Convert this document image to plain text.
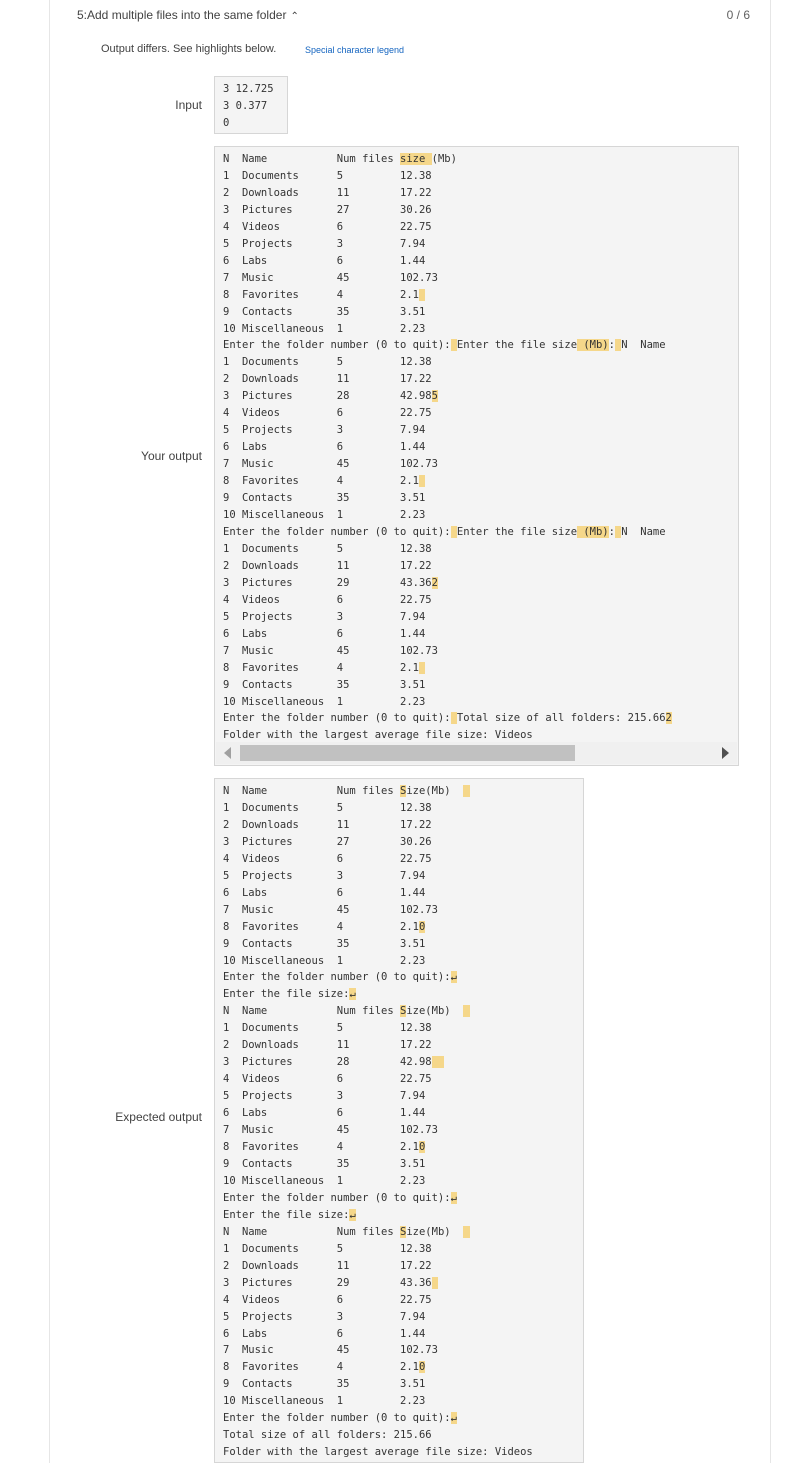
5:Add multiple files into the same folder ⌃	0 / 6
Output differs. See highlights below.	Special character legend
Input
3 12.725
3 0.377
0
Your output
N  Name           Num files size (Mb)
1  Documents      5         12.38
2  Downloads      11        17.22
3  Pictures       27        30.26
4  Videos         6         22.75
5  Projects       3         7.94
6  Labs           6         1.44
7  Music          45        102.73
8  Favorites      4         2.1
9  Contacts       35        3.51
10 Miscellaneous  1         2.23
Enter the folder number (0 to quit): Enter the file size (Mb): N  Name
1  Documents      5         12.38
2  Downloads      11        17.22
3  Pictures       28        42.985
4  Videos         6         22.75
5  Projects       3         7.94
6  Labs           6         1.44
7  Music          45        102.73
8  Favorites      4         2.1
9  Contacts       35        3.51
10 Miscellaneous  1         2.23
Enter the folder number (0 to quit): Enter the file size (Mb): N  Name
1  Documents      5         12.38
2  Downloads      11        17.22
3  Pictures       29        43.362
4  Videos         6         22.75
5  Projects       3         7.94
6  Labs           6         1.44
7  Music          45        102.73
8  Favorites      4         2.1
9  Contacts       35        3.51
10 Miscellaneous  1         2.23
Enter the folder number (0 to quit): Total size of all folders: 215.662
Folder with the largest average file size: Videos
Expected output
N  Name           Num files Size(Mb)
1  Documents      5         12.38
2  Downloads      11        17.22
3  Pictures       27        30.26
4  Videos         6         22.75
5  Projects       3         7.94
6  Labs           6         1.44
7  Music          45        102.73
8  Favorites      4         2.10
9  Contacts       35        3.51
10 Miscellaneous  1         2.23
Enter the folder number (0 to quit):↵
Enter the file size:↵
N  Name           Num files Size(Mb)
1  Documents      5         12.38
2  Downloads      11        17.22
3  Pictures       28        42.98
4  Videos         6         22.75
5  Projects       3         7.94
6  Labs           6         1.44
7  Music          45        102.73
8  Favorites      4         2.10
9  Contacts       35        3.51
10 Miscellaneous  1         2.23
Enter the folder number (0 to quit):↵
Enter the file size:↵
N  Name           Num files Size(Mb)
1  Documents      5         12.38
2  Downloads      11        17.22
3  Pictures       29        43.36
4  Videos         6         22.75
5  Projects       3         7.94
6  Labs           6         1.44
7  Music          45        102.73
8  Favorites      4         2.10
9  Contacts       35        3.51
10 Miscellaneous  1         2.23
Enter the folder number (0 to quit):↵
Total size of all folders: 215.66
Folder with the largest average file size: Videos
